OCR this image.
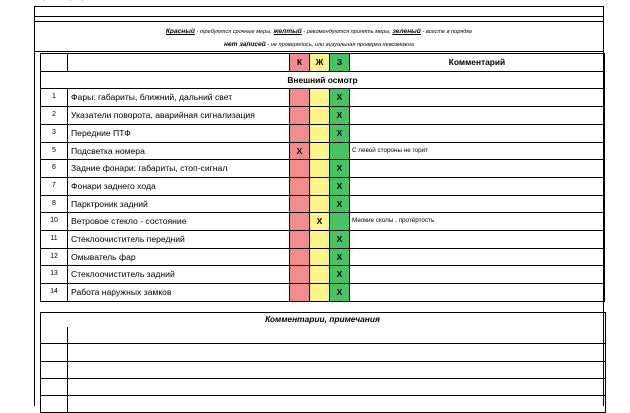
Красный - требуются срочные меры, желтый - рекомендуются принять меры, зеленый - всесте в порядке
нет записей - не проверялось, или визуальная проверка невозможна
		К	Ж	З	Комментарий
Внешний осмотр					
1	Фары: габариты, ближний, дальний свет			X	
2	Указатели поворота, аварийная сигнализация			X	
3	Передние ПТФ			X	
5	Подсветка номера	X			С левой стороны не горит
6	Задние фонари: габариты, стоп-сигнал			X	
7	Фонари заднего хода			X	
8	Парктроник задний			X	
10	Ветровое стекло - состояние		X		Мелкие сколы , протёртость
11	Стеклоочиститель передний			X	
12	Омыватель фар			X	
13	Стеклоочиститель задний			X	
14	Работа наружных замков			X	
Комментарии, примечания
